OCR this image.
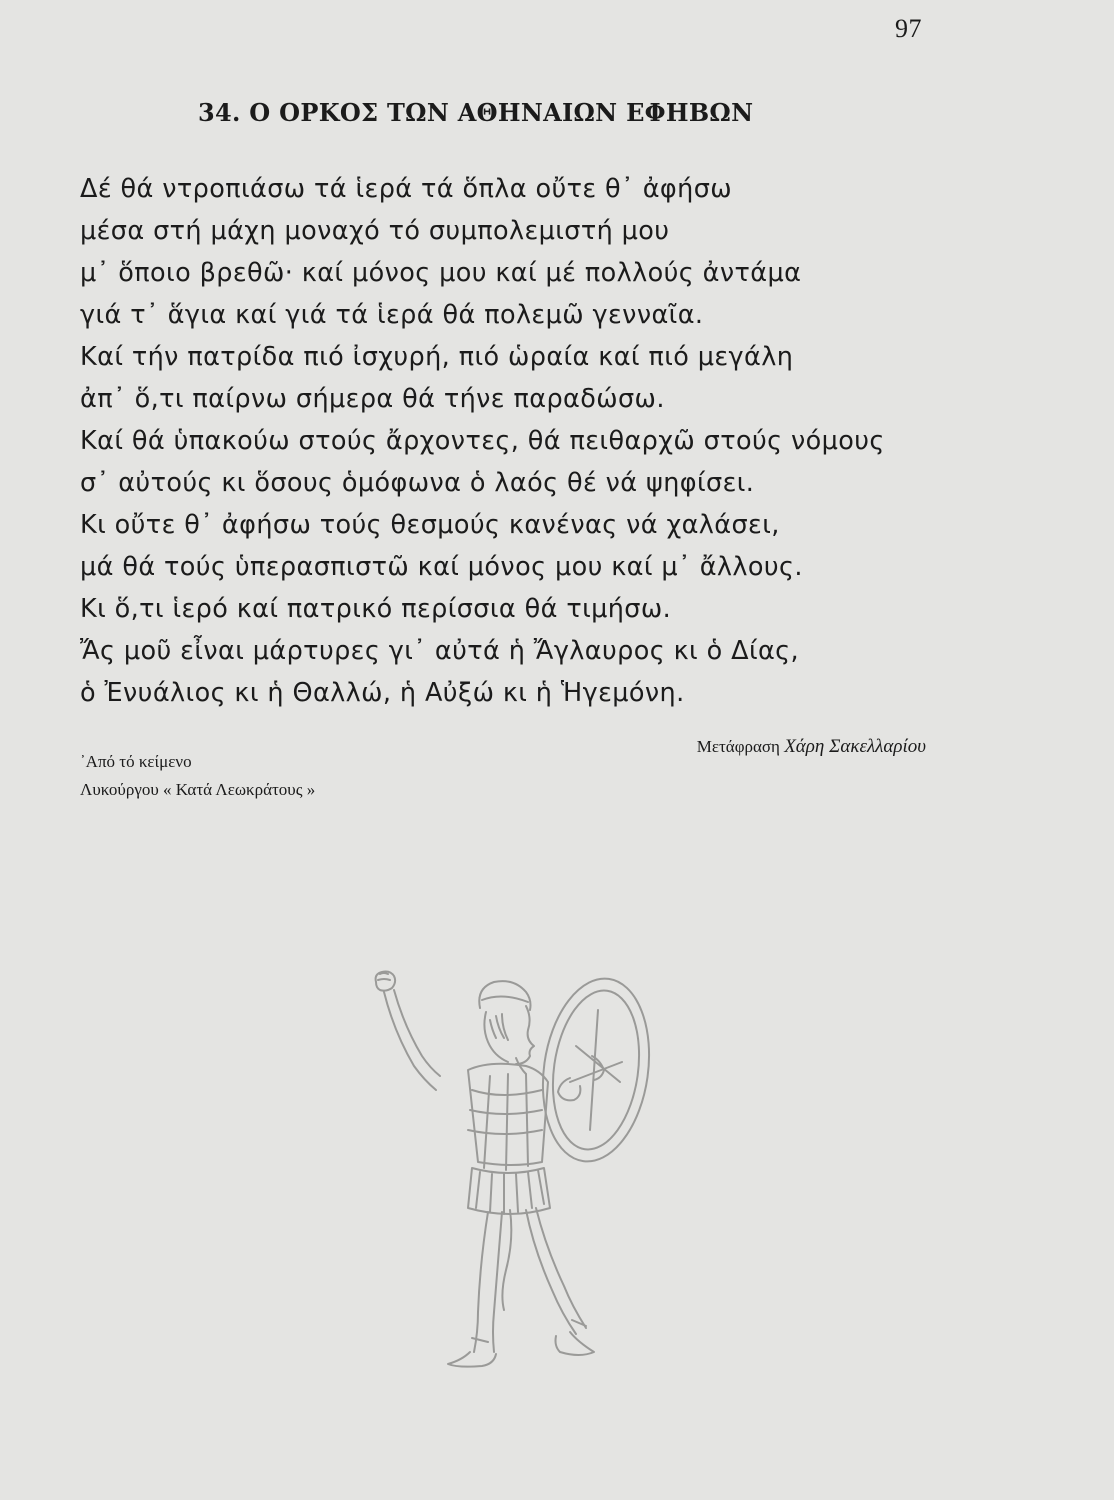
97
34. Ο ΟΡΚΟΣ ΤΩΝ ΑΘΗΝΑΙΩΝ ΕΦΗΒΩΝ
Δέ θά ντροπιάσω τά ἱερά τά ὅπλα οὔτε θ᾿ ἀφήσω
μέσα στή μάχη μοναχό τό συμπολεμιστή μου
μ᾿ ὅποιο βρεθῶ· καί μόνος μου καί μέ πολλούς ἀντάμα
γιά τ᾿ ἅγια καί γιά τά ἱερά θά πολεμῶ γενναῖα.
Καί τήν πατρίδα πιό ἰσχυρή, πιό ὡραία καί πιό μεγάλη
ἀπ᾿ ὅ,τι παίρνω σήμερα θά τήνε παραδώσω.
Καί θά ὑπακούω στούς ἄρχοντες, θά πειθαρχῶ στούς νόμους
σ᾿ αὐτούς κι ὅσους ὁμόφωνα ὁ λαός θέ νά ψηφίσει.
Κι οὔτε θ᾿ ἀφήσω τούς θεσμούς κανένας νά χαλάσει,
μά θά τούς ὑπερασπιστῶ καί μόνος μου καί μ᾿ ἄλλους.
Κι ὅ,τι ἱερό καί πατρικό περίσσια θά τιμήσω.
Ἄς μοῦ εἶναι μάρτυρες γι᾿ αὐτά ἡ Ἄγλαυρος κι ὁ Δίας,
ὁ Ἐνυάλιος κι ἡ Θαλλώ, ἡ Αὐξώ κι ἡ Ἡγεμόνη.
᾿Από τό κείμενο
Λυκούργου « Κατά Λεωκράτους »
Μετάφραση Χάρη Σακελλαρίου
